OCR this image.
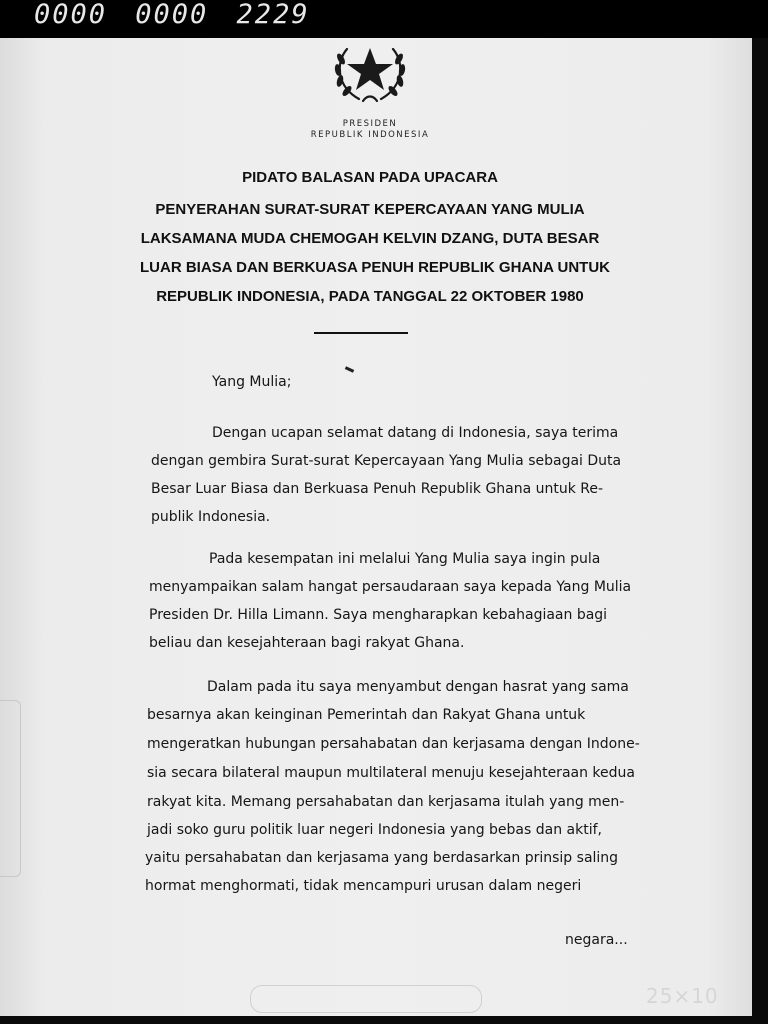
0000 0000 2229
25×10
PRESIDEN
REPUBLIK INDONESIA
PIDATO BALASAN PADA UPACARA
PENYERAHAN SURAT-SURAT KEPERCAYAAN YANG MULIA
LAKSAMANA MUDA CHEMOGAH KELVIN DZANG, DUTA BESAR
LUAR BIASA DAN BERKUASA PENUH REPUBLIK GHANA UNTUK
REPUBLIK INDONESIA, PADA TANGGAL 22 OKTOBER 1980
Yang Mulia;
Dengan ucapan selamat datang di Indonesia, saya terima
dengan gembira Surat-surat Kepercayaan Yang Mulia sebagai Duta
Besar Luar Biasa dan Berkuasa Penuh Republik Ghana untuk Re-
publik Indonesia.
Pada kesempatan ini melalui Yang Mulia saya ingin pula
menyampaikan salam hangat persaudaraan saya kepada Yang Mulia
Presiden Dr. Hilla Limann. Saya mengharapkan kebahagiaan bagi
beliau dan kesejahteraan bagi rakyat Ghana.
Dalam pada itu saya menyambut dengan hasrat yang sama
besarnya akan keinginan Pemerintah dan Rakyat Ghana untuk
mengeratkan hubungan persahabatan dan kerjasama dengan Indone-
sia secara bilateral maupun multilateral menuju kesejahteraan kedua
rakyat kita. Memang persahabatan dan kerjasama itulah yang men-
jadi soko guru politik luar negeri Indonesia yang bebas dan aktif,
yaitu persahabatan dan kerjasama yang berdasarkan prinsip saling
hormat menghormati, tidak mencampuri urusan dalam negeri
negara...
